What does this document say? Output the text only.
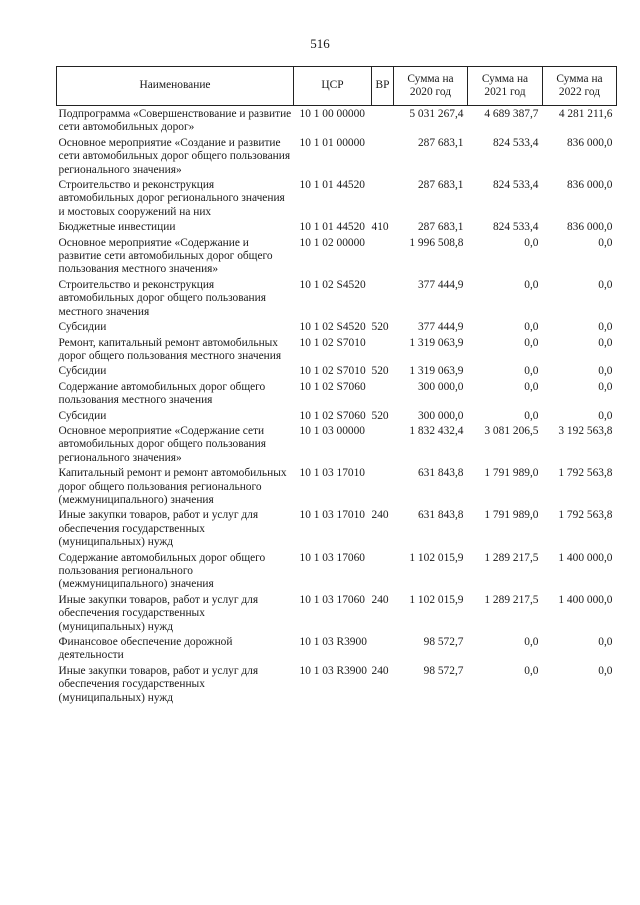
516
Наименование	ЦСР	ВР	Сумма на 2020 год	Сумма на 2021 год	Сумма на 2022 год
Подпрограмма «Совершенствование и развитие сети автомобильных дорог»	10 1 00 00000		5 031 267,4	4 689 387,7	4 281 211,6
Основное мероприятие «Создание и развитие сети автомобильных дорог общего пользования регионального значения»	10 1 01 00000		287 683,1	824 533,4	836 000,0
Строительство и реконструкция автомобильных дорог регионального значения и мостовых сооружений на них	10 1 01 44520		287 683,1	824 533,4	836 000,0
Бюджетные инвестиции	10 1 01 44520	410	287 683,1	824 533,4	836 000,0
Основное мероприятие «Содержание и развитие сети автомобильных дорог общего пользования местного значения»	10 1 02 00000		1 996 508,8	0,0	0,0
Строительство и реконструкция автомобильных дорог общего пользования местного значения	10 1 02 S4520		377 444,9	0,0	0,0
Субсидии	10 1 02 S4520	520	377 444,9	0,0	0,0
Ремонт, капитальный ремонт автомобильных дорог общего пользования местного значения	10 1 02 S7010		1 319 063,9	0,0	0,0
Субсидии	10 1 02 S7010	520	1 319 063,9	0,0	0,0
Содержание автомобильных дорог общего пользования местного значения	10 1 02 S7060		300 000,0	0,0	0,0
Субсидии	10 1 02 S7060	520	300 000,0	0,0	0,0
Основное мероприятие «Содержание сети автомобильных дорог общего пользования регионального значения»	10 1 03 00000		1 832 432,4	3 081 206,5	3 192 563,8
Капитальный ремонт и ремонт автомобильных дорог общего пользования регионального (межмуниципального) значения	10 1 03 17010		631 843,8	1 791 989,0	1 792 563,8
Иные закупки товаров, работ и услуг для обеспечения государственных (муниципальных) нужд	10 1 03 17010	240	631 843,8	1 791 989,0	1 792 563,8
Содержание автомобильных дорог общего пользования регионального (межмуниципального) значения	10 1 03 17060		1 102 015,9	1 289 217,5	1 400 000,0
Иные закупки товаров, работ и услуг для обеспечения государственных (муниципальных) нужд	10 1 03 17060	240	1 102 015,9	1 289 217,5	1 400 000,0
Финансовое обеспечение дорожной деятельности	10 1 03 R3900		98 572,7	0,0	0,0
Иные закупки товаров, работ и услуг для обеспечения государственных (муниципальных) нужд	10 1 03 R3900	240	98 572,7	0,0	0,0
